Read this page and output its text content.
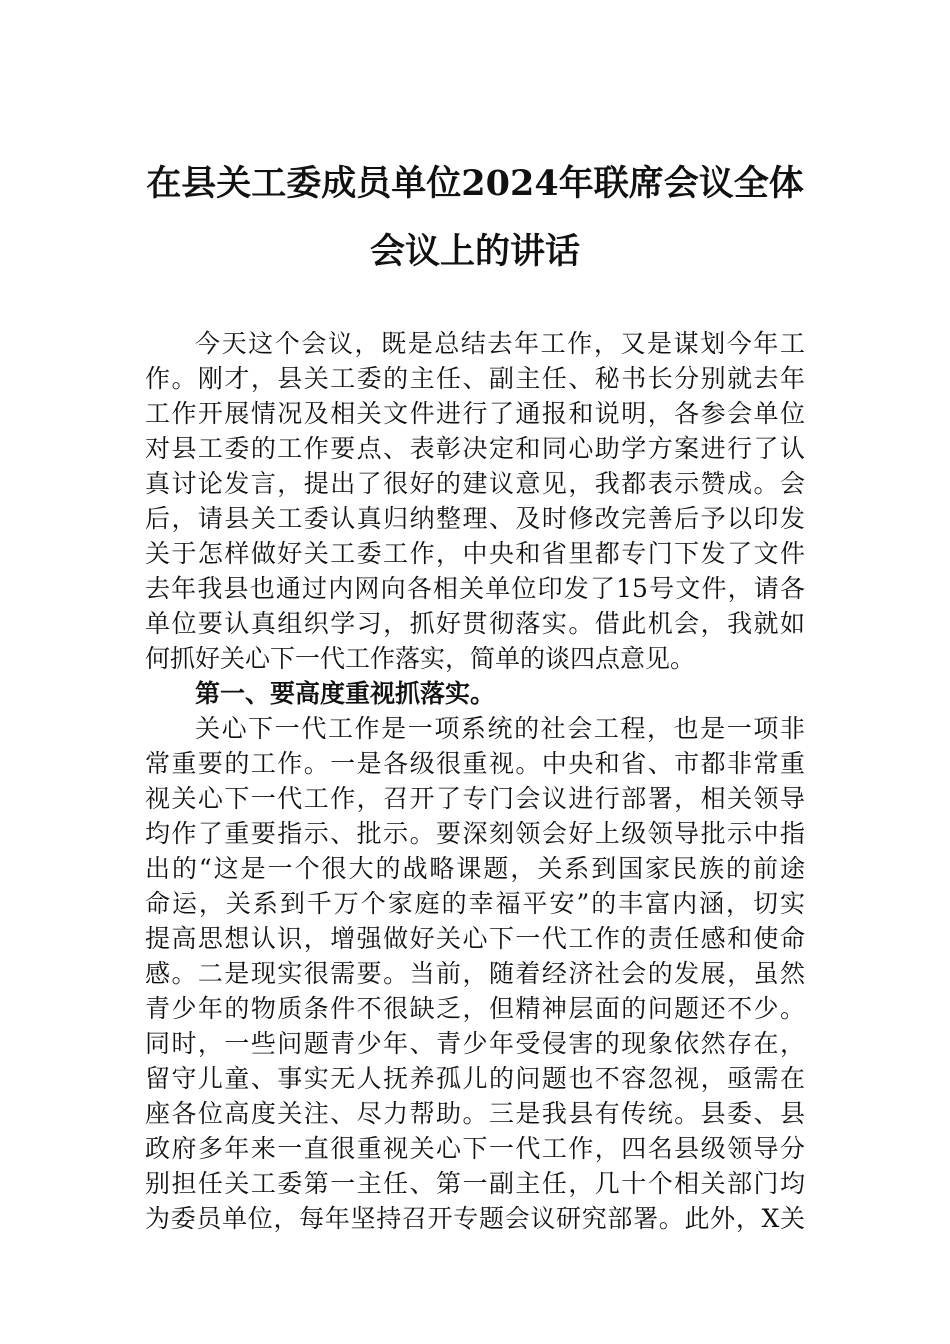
在县关工委成员单位2024年联席会议全体
会议上的讲话
今天这个会议，既是总结去年工作，又是谋划今年工
作。刚才，县关工委的主任、副主任、秘书长分别就去年
工作开展情况及相关文件进行了通报和说明，各参会单位
对县工委的工作要点、表彰决定和同心助学方案进行了认
真讨论发言，提出了很好的建议意见，我都表示赞成。会
后，请县关工委认真归纳整理、及时修改完善后予以印发
关于怎样做好关工委工作，中央和省里都专门下发了文件
去年我县也通过内网向各相关单位印发了15号文件，请各
单位要认真组织学习，抓好贯彻落实。借此机会，我就如
何抓好关心下一代工作落实，简单的谈四点意见。
第一、要高度重视抓落实。
关心下一代工作是一项系统的社会工程，也是一项非
常重要的工作。一是各级很重视。中央和省、市都非常重
视关心下一代工作，召开了专门会议进行部署，相关领导
均作了重要指示、批示。要深刻领会好上级领导批示中指
出的“这是一个很大的战略课题，关系到国家民族的前途
命运，关系到千万个家庭的幸福平安”的丰富内涵，切实
提高思想认识，增强做好关心下一代工作的责任感和使命
感。二是现实很需要。当前，随着经济社会的发展，虽然
青少年的物质条件不很缺乏，但精神层面的问题还不少。
同时，一些问题青少年、青少年受侵害的现象依然存在，
留守儿童、事实无人抚养孤儿的问题也不容忽视，亟需在
座各位高度关注、尽力帮助。三是我县有传统。县委、县
政府多年来一直很重视关心下一代工作，四名县级领导分
别担任关工委第一主任、第一副主任，几十个相关部门均
为委员单位，每年坚持召开专题会议研究部署。此外，X关
